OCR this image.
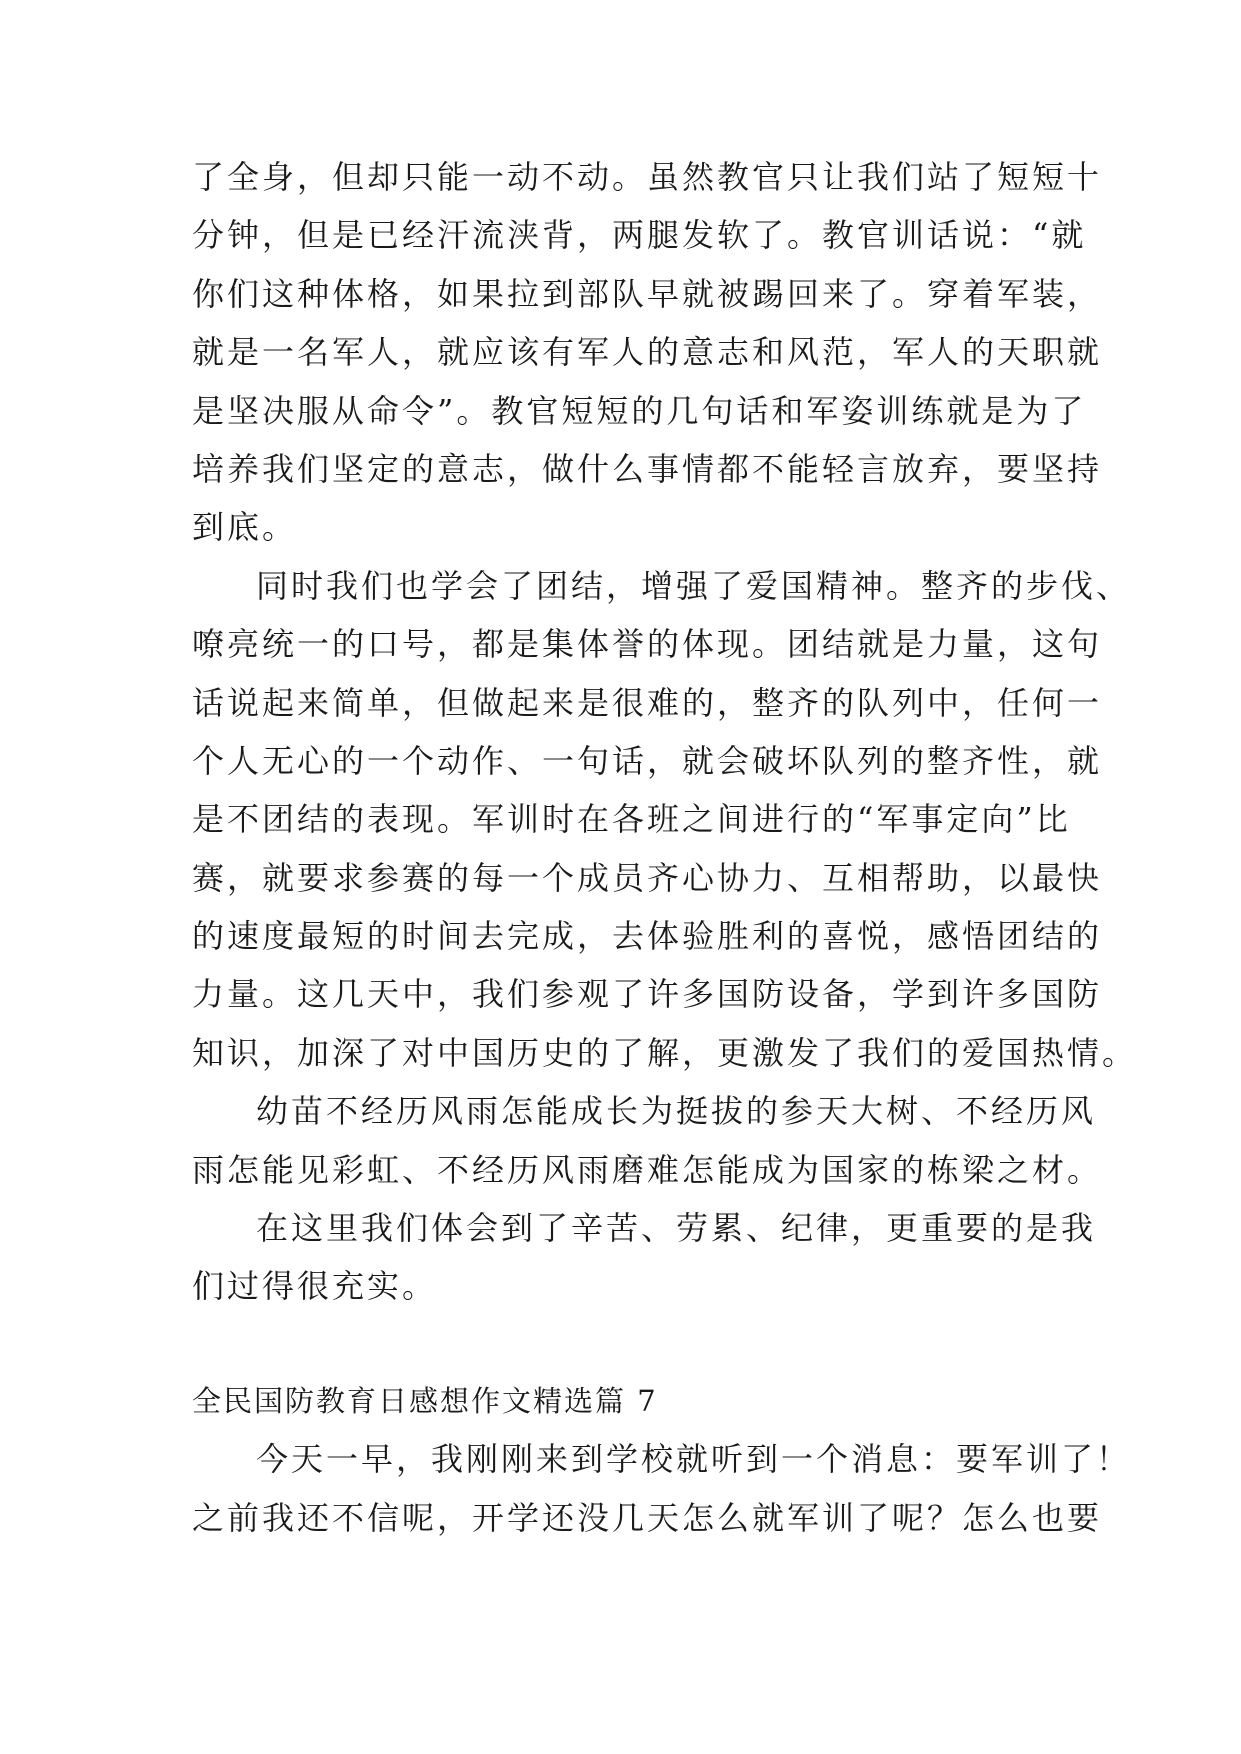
了全身，但却只能一动不动。虽然教官只让我们站了短短十
分钟，但是已经汗流浃背，两腿发软了。教官训话说：“就
你们这种体格，如果拉到部队早就被踢回来了。穿着军装，
就是一名军人，就应该有军人的意志和风范，军人的天职就
是坚决服从命令”。教官短短的几句话和军姿训练就是为了
培养我们坚定的意志，做什么事情都不能轻言放弃，要坚持
到底。
同时我们也学会了团结，增强了爱国精神。整齐的步伐、
嘹亮统一的口号，都是集体誉的体现。团结就是力量，这句
话说起来简单，但做起来是很难的，整齐的队列中，任何一
个人无心的一个动作、一句话，就会破坏队列的整齐性，就
是不团结的表现。军训时在各班之间进行的“军事定向”比
赛，就要求参赛的每一个成员齐心协力、互相帮助，以最快
的速度最短的时间去完成，去体验胜利的喜悦，感悟团结的
力量。这几天中，我们参观了许多国防设备，学到许多国防
知识，加深了对中国历史的了解，更激发了我们的爱国热情。
幼苗不经历风雨怎能成长为挺拔的参天大树、不经历风
雨怎能见彩虹、不经历风雨磨难怎能成为国家的栋梁之材。
在这里我们体会到了辛苦、劳累、纪律，更重要的是我
们过得很充实。
全民国防教育日感想作文精选篇 7
今天一早，我刚刚来到学校就听到一个消息：要军训了！
之前我还不信呢，开学还没几天怎么就军训了呢？怎么也要
